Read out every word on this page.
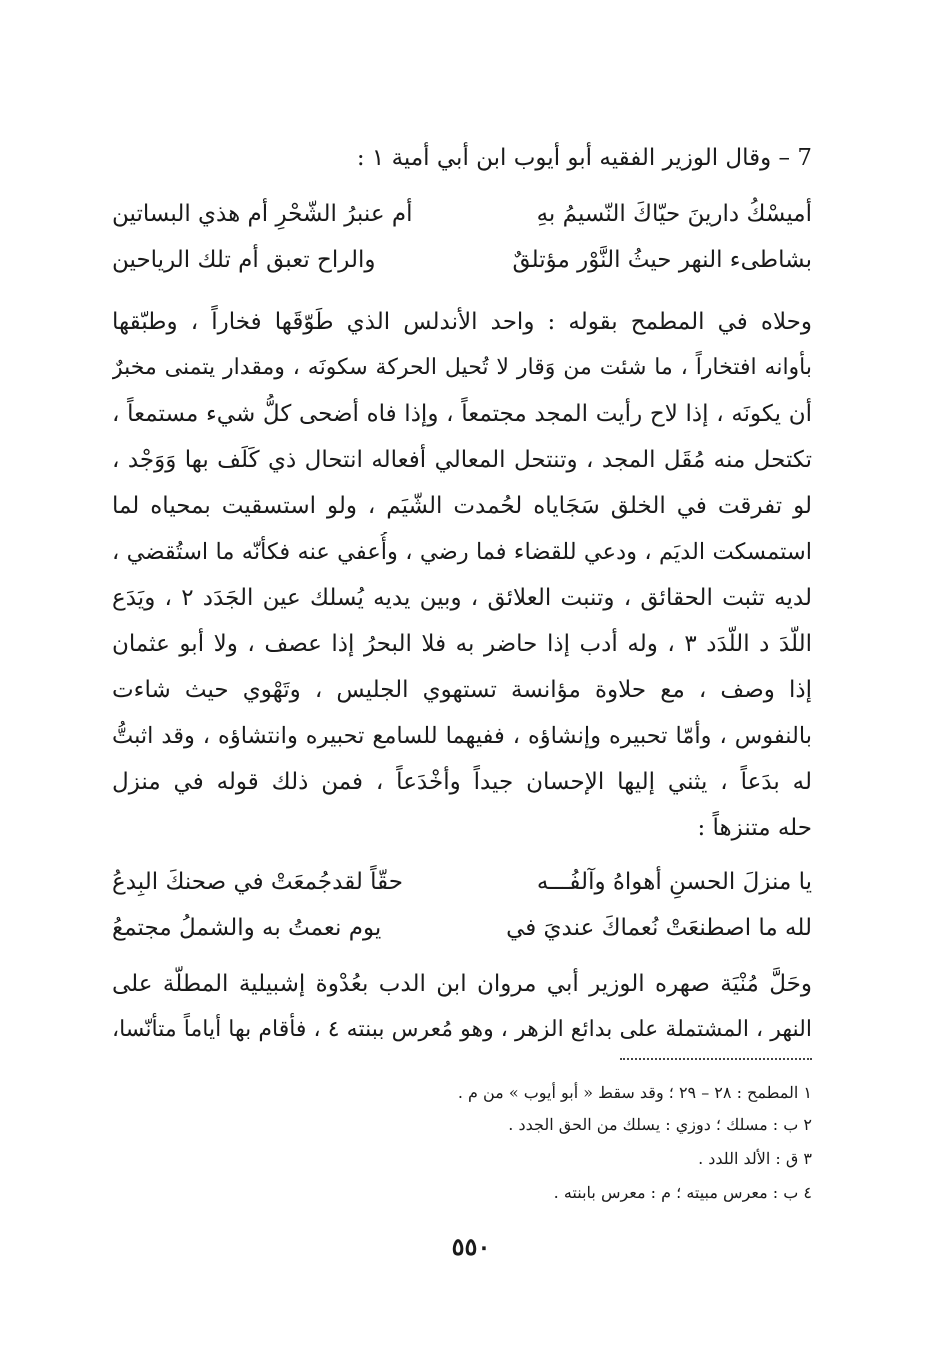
7 – وقال الوزير الفقيه أبو أيوب ابن أبي أمية ١ :
أميسْكُ دارينَ حيّاكَ النّسيمُ بهِ
أم عنبرُ الشّحْرِ أم هذي البساتين
بشاطىء النهر حيثُ النَّوْر مؤتلقٌ
والراح تعبق أم تلك الرياحين
وحلاه في المطمح بقوله : واحد الأندلس الذي طَوّقَها فخاراً ، وطبّقها
بأوانه افتخاراً ، ما شئت من وَقار لا تُحيل الحركة سكونَه ، ومقدار يتمنى مخبرٌ
أن يكونَه ، إذا لاح رأيت المجد مجتمعاً ، وإذا فاه أضحى كلُّ شيء مستمعاً ،
تكتحل منه مُقَل المجد ، وتنتحل المعالي أفعاله انتحال ذي كَلَف بها وَوَجْد ،
لو تفرقت في الخلق سَجَاياه لحُمدت الشّيَم ، ولو استسقيت بمحياه لما
استمسكت الديَم ، ودعي للقضاء فما رضي ، وأُعفي عنه فكأنّه ما استُقضي ،
لديه تثبت الحقائق ، وتنبت العلائق ، وبين يديه يُسلك عين الجَدَد ٢ ، ويَدَع
اللّدَ د اللّدَد ٣ ، وله أدب إذا حاضر به فلا البحرُ إذا عصف ، ولا أبو عثمان
إذا وصف ، مع حلاوة مؤانسة تستهوي الجليس ، وتَهْوي حيث شاءت
بالنفوس ، وأمّا تحبيره وإنشاؤه ، ففيهما للسامع تحبيره وانتشاؤه ، وقد اثبتُّ
له بدَعاً ، يثني إليها الإحسان جيداً وأخْدَعاً ، فمن ذلك قوله في منزل
حله متنزهاً :
يا منزلَ الحسنِ أهواهُ وآلفُـــه
حقّاً لقدجُمعَتْ في صحنكَ البِدعُ
لله ما اصطنعَتْ نُعماكَ عنديَ في
يوم نعمتُ به والشملُ مجتمعُ
وحَلَّ مُنْيَة صهره الوزير أبي مروان ابن الدب بعُدْوة إشبيلية المطلّة على
النهر ، المشتملة على بدائع الزهر ، وهو مُعرس ببنته ٤ ، فأقام بها أياماً متأنّسا،
١ المطمح : ٢٨ – ٢٩ ؛ وقد سقط « أبو أيوب » من م .
٢ ب : مسلك ؛ دوزي : يسلك من الحق الجدد .
٣ ق : الألد اللدد .
٤ ب : معرس مبيته ؛ م : معرس بابنته .
٥٥٠
